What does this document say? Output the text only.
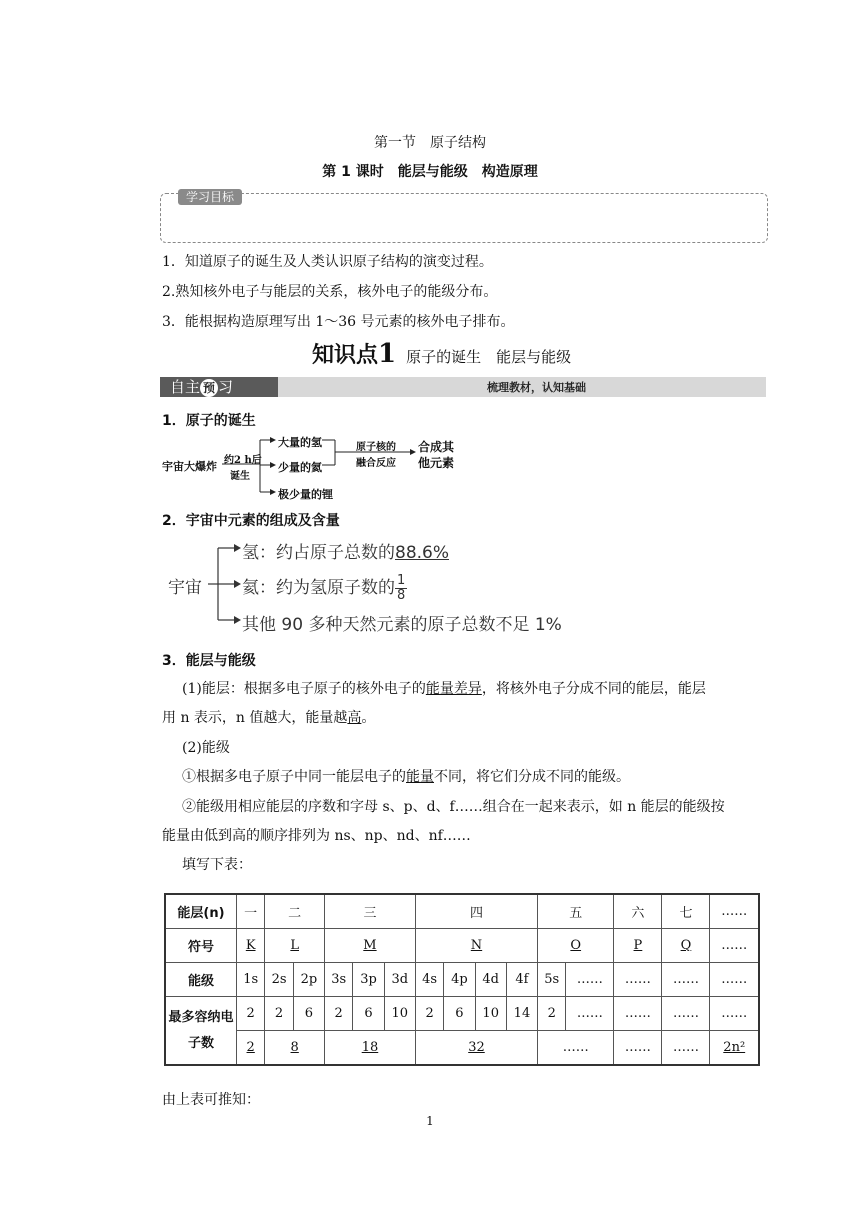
第一节　原子结构
第 1 课时　能层与能级　构造原理
学习目标
1．知道原子的诞生及人类认识原子结构的演变过程。
2.熟知核外电子与能层的关系，核外电子的能级分布。
3．能根据构造原理写出 1～36 号元素的核外电子排布。
知识点1 原子的诞生　能层与能级
梳理教材，认知基础
自主 预 习
1．原子的诞生
宇宙大爆炸 约2 h后
诞生
大量的氢
少量的氦
极少量的锂
原子核的
融合反应
合成其
他元素
2．宇宙中元素的组成及含量
宇宙
氢：约占原子总数的88.6%
氦：约为氢原子数的 $\frac{1}{8}$
其他 90 多种天然元素的原子总数不足 1%
3．能层与能级
(1)能层：根据多电子原子的核外电子的能量差异，将核外电子分成不同的能层，能层
用 n 表示，n 值越大，能量越高。
(2)能级
①根据多电子原子中同一能层电子的能量不同，将它们分成不同的能级。
②能级用相应能层的序数和字母 s、p、d、f……组合在一起来表示，如 n 能层的能级按
能量由低到高的顺序排列为 ns、np、nd、nf……
填写下表：
能层(n)	一	二		三			四				五		六	七	……
符号	K	L		M			N				O		P	Q	……
能级	1s	2s	2p	3s	3p	3d	4s	4p	4d	4f	5s	……	……	……	……
最多容纳电子数	2	2	6	2	6	10	2	6	10	14	2	……	……	……	……
	2	8		18			32				……		……	……	2n²
由上表可推知：
1
